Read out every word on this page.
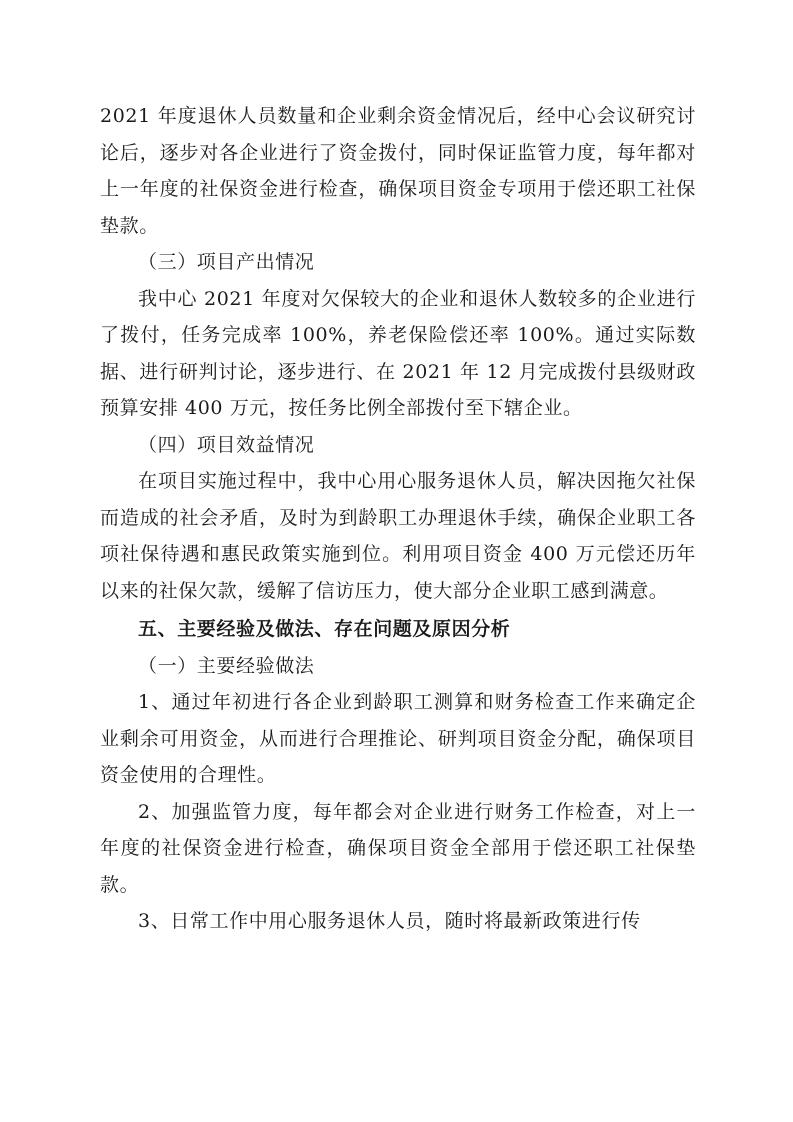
2021 年度退休人员数量和企业剩余资金情况后，经中心会议研究讨论后，逐步对各企业进行了资金拨付，同时保证监管力度，每年都对上一年度的社保资金进行检查，确保项目资金专项用于偿还职工社保垫款。

（三）项目产出情况

我中心 2021 年度对欠保较大的企业和退休人数较多的企业进行了拨付，任务完成率 100%，养老保险偿还率 100%。通过实际数据、进行研判讨论，逐步进行、在 2021 年 12 月完成拨付县级财政预算安排 400 万元，按任务比例全部拨付至下辖企业。

（四）项目效益情况

在项目实施过程中，我中心用心服务退休人员，解决因拖欠社保而造成的社会矛盾，及时为到龄职工办理退休手续，确保企业职工各项社保待遇和惠民政策实施到位。利用项目资金 400 万元偿还历年以来的社保欠款，缓解了信访压力，使大部分企业职工感到满意。

五、主要经验及做法、存在问题及原因分析

（一）主要经验做法

1、通过年初进行各企业到龄职工测算和财务检查工作来确定企业剩余可用资金，从而进行合理推论、研判项目资金分配，确保项目资金使用的合理性。

2、加强监管力度，每年都会对企业进行财务工作检查，对上一年度的社保资金进行检查，确保项目资金全部用于偿还职工社保垫款。

3、日常工作中用心服务退休人员，随时将最新政策进行传
